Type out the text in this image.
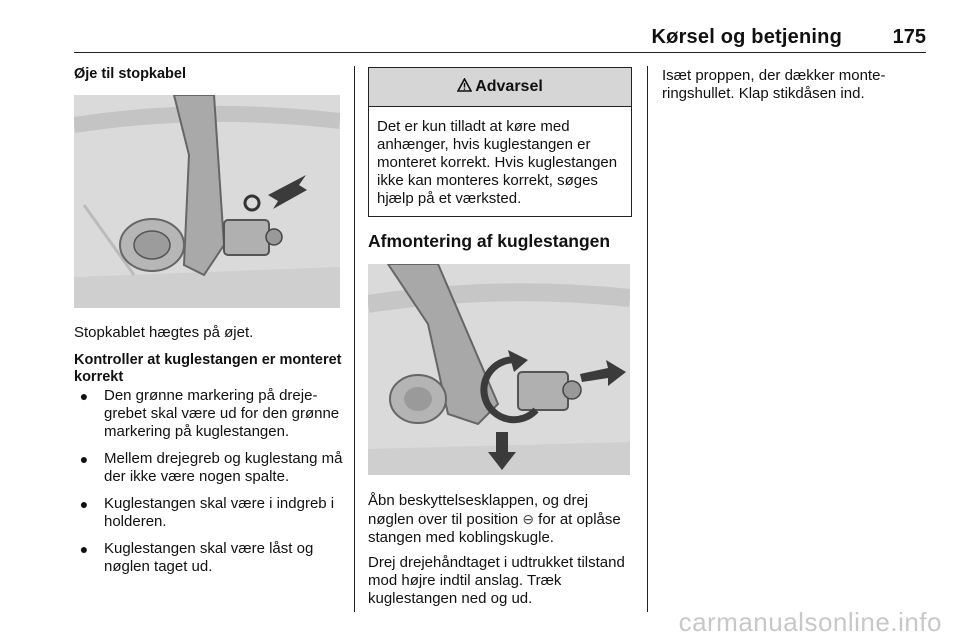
Kørsel og betjening	175
Øje til stopkabel

Stopkablet hægtes på øjet.

Kontroller at kuglestangen er monteret korrekt
●	Den grønne markering på drejegrebet skal være ud for den grønne markering på kuglestangen.
●	Mellem drejegreb og kuglestang må der ikke være nogen spalte.
●	Kuglestangen skal være i indgreb i holderen.
●	Kuglestangen skal være låst og nøglen taget ud.
Advarsel
Det er kun tilladt at køre med anhænger, hvis kuglestangen er monteret korrekt. Hvis kuglestangen ikke kan monteres korrekt, søges hjælp på et værksted.
Afmontering af kuglestangen

Åbn beskyttelsesklappen, og drej nøglen over til position ⊖ for at oplåse stangen med koblingskugle.

Drej drejehåndtaget i udtrukket tilstand mod højre indtil anslag. Træk kuglestangen ned og ud.

Isæt proppen, der dækker monteringshullet. Klap stikdåsen ind.

carmanualsonline.info
